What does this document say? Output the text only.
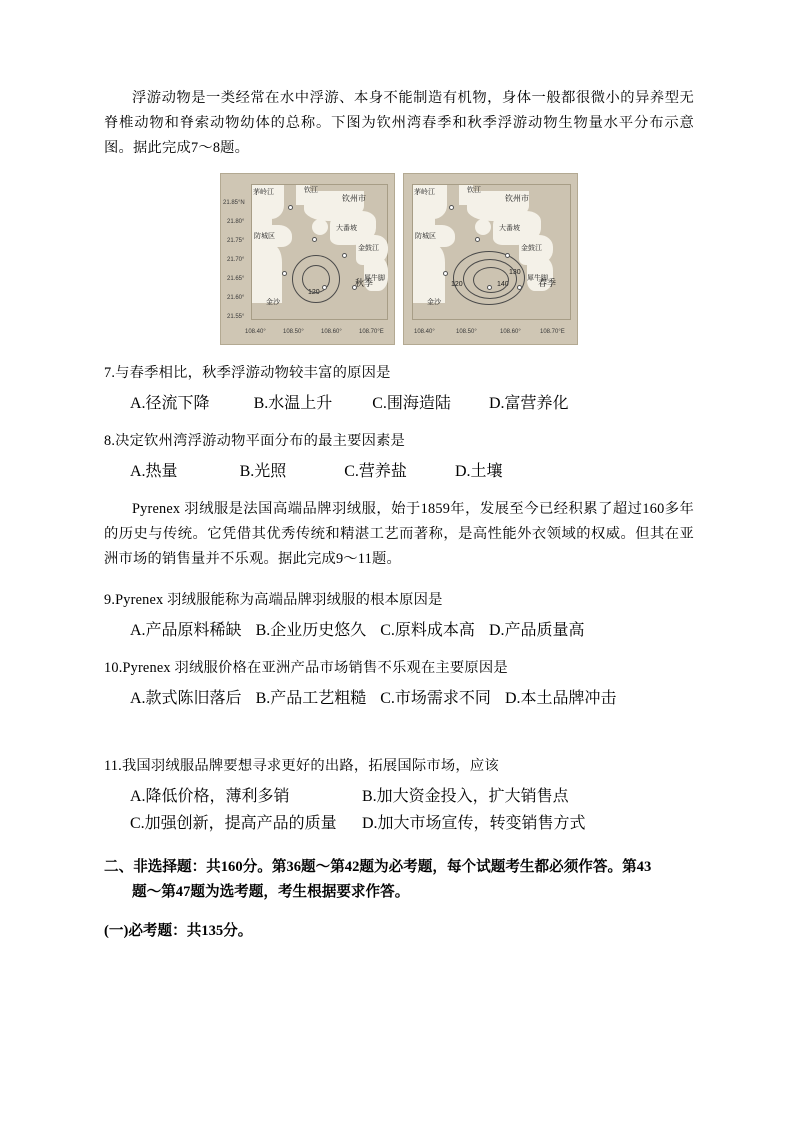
浮游动物是一类经常在水中浮游、本身不能制造有机物，身体一般都很微小的异养型无脊椎动物和脊索动物幼体的总称。下图为钦州湾春季和秋季浮游动物生物量水平分布示意图。据此完成7～8题。

21.85°N
21.80°
21.75°
21.70°
21.65°
21.60°
21.55°
108.40°	108.50°	108.60°	108.70°E
茅岭江	钦江
钦州市
大番坡
防城区
金鼓江
犀牛脚
金沙
120
秋季
108.40°	108.50°	108.60°	108.70°E
茅岭江	钦江
钦州市
大番坡
防城区
金鼓江
犀牛脚
金沙
120
130
140	春季

7.与春季相比，秋季浮游动物较丰富的原因是

A.径流下降	B.水温上升	C.围海造陆 D.富营养化

8.决定钦州湾浮游动物平面分布的最主要因素是

A.热量	B.光照	C.营养盐	D.土壤

Pyrenex 羽绒服是法国高端品牌羽绒服，始于1859年，发展至今已经积累了超过160多年的历史与传统。它凭借其优秀传统和精湛工艺而著称，是高性能外衣领域的权威。但其在亚洲市场的销售量并不乐观。据此完成9～11题。

9.Pyrenex 羽绒服能称为高端品牌羽绒服的根本原因是

A.产品原料稀缺 B.企业历史悠久 C.原料成本高 D.产品质量高

10.Pyrenex 羽绒服价格在亚洲产品市场销售不乐观在主要原因是

A.款式陈旧落后 B.产品工艺粗糙 C.市场需求不同 D.本土品牌冲击

11.我国羽绒服品牌要想寻求更好的出路，拓展国际市场，应该

A.降低价格，薄利多销	B.加大资金投入，扩大销售点
C.加强创新，提高产品的质量	D.加大市场宣传，转变销售方式
二、非选择题：共160分。第36题～第42题为必考题，每个试题考生都必须作答。第43
题～第47题为选考题，考生根据要求作答。
(一)必考题：共135分。
